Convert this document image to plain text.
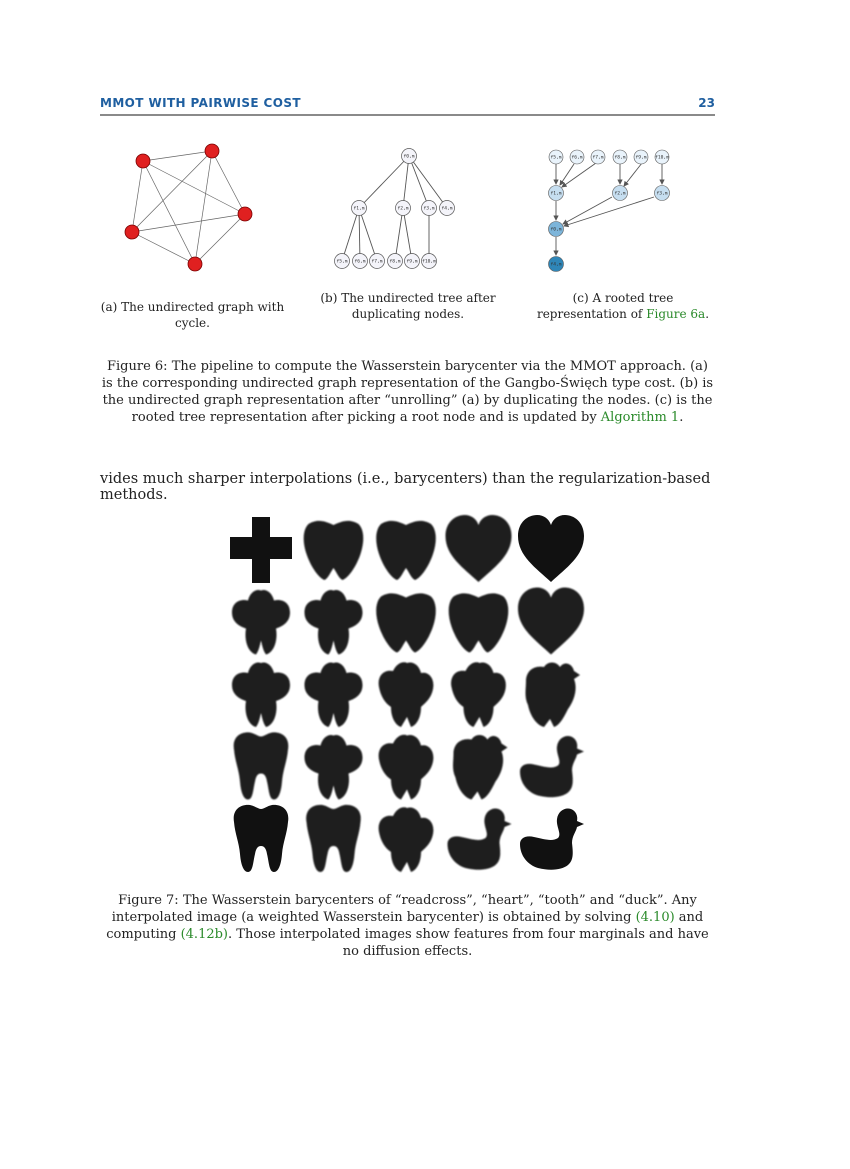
MMOT WITH PAIRWISE COST	23
(a) The undirected graph with cycle.
f0,m
f1,m	f2,m	f3,m f4,m
f5,m f6,m f7,m f8,m f9,m f10,m
(b) The undirected tree after duplicating nodes.
f5,m f6,m f7,m f8,m f9,m f10,m
f1,m	f2,m	f3,m
f0,m
f4,m
(c) A rooted tree representation of Figure 6a.
Figure 6: The pipeline to compute the Wasserstein barycenter via the MMOT approach. (a) is the corresponding undirected graph representation of the Gangbo-Święch type cost. (b) is the undirected graph representation after “unrolling” (a) by duplicating the nodes. (c) is the rooted tree representation after picking a root node and is updated by Algorithm 1.
vides much sharper interpolations (i.e., barycenters) than the regularization-based methods.
Figure 7: The Wasserstein barycenters of “readcross”, “heart”, “tooth” and “duck”. Any interpolated image (a weighted Wasserstein barycenter) is obtained by solving (4.10) and computing (4.12b). Those interpolated images show features from four marginals and have no diffusion effects.
